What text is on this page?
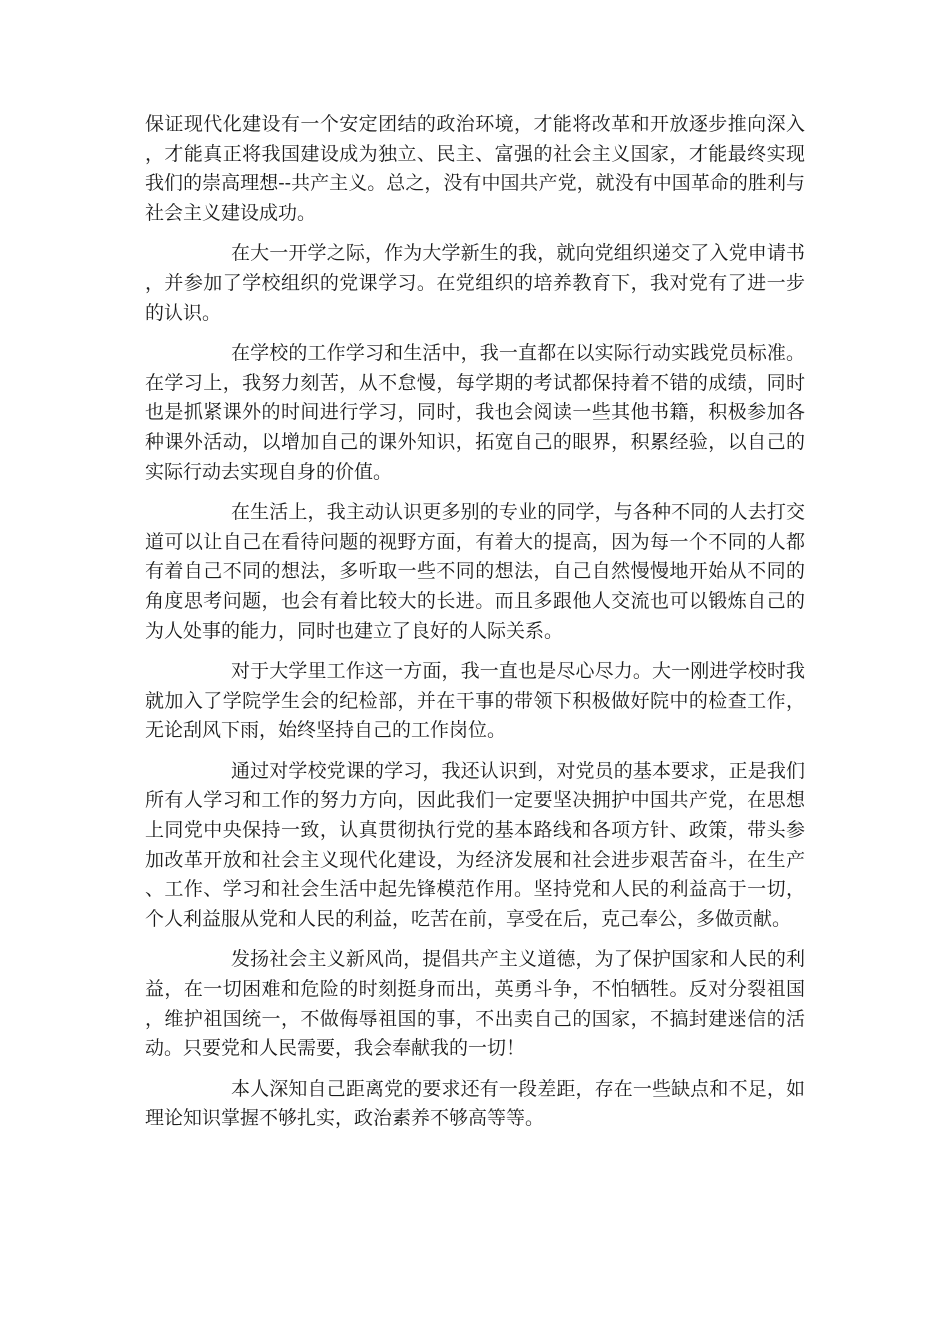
保证现代化建设有一个安定团结的政治环境，才能将改革和开放逐步推向深入，才能真正将我国建设成为独立、民主、富强的社会主义国家，才能最终实现我们的崇高理想--共产主义。总之，没有中国共产党，就没有中国革命的胜利与社会主义建设成功。

在大一开学之际，作为大学新生的我，就向党组织递交了入党申请书，并参加了学校组织的党课学习。在党组织的培养教育下，我对党有了进一步的认识。

在学校的工作学习和生活中，我一直都在以实际行动实践党员标准。在学习上，我努力刻苦，从不怠慢，每学期的考试都保持着不错的成绩，同时也是抓紧课外的时间进行学习，同时，我也会阅读一些其他书籍，积极参加各种课外活动，以增加自己的课外知识，拓宽自己的眼界，积累经验，以自己的实际行动去实现自身的价值。

在生活上，我主动认识更多别的专业的同学，与各种不同的人去打交道可以让自己在看待问题的视野方面，有着大的提高，因为每一个不同的人都有着自己不同的想法，多听取一些不同的想法，自己自然慢慢地开始从不同的角度思考问题，也会有着比较大的长进。而且多跟他人交流也可以锻炼自己的为人处事的能力，同时也建立了良好的人际关系。

对于大学里工作这一方面，我一直也是尽心尽力。大一刚进学校时我就加入了学院学生会的纪检部，并在干事的带领下积极做好院中的检查工作，无论刮风下雨，始终坚持自己的工作岗位。

通过对学校党课的学习，我还认识到，对党员的基本要求，正是我们所有人学习和工作的努力方向，因此我们一定要坚决拥护中国共产党，在思想上同党中央保持一致，认真贯彻执行党的基本路线和各项方针、政策，带头参加改革开放和社会主义现代化建设，为经济发展和社会进步艰苦奋斗，在生产、工作、学习和社会生活中起先锋模范作用。坚持党和人民的利益高于一切，个人利益服从党和人民的利益，吃苦在前，享受在后，克己奉公，多做贡献。

发扬社会主义新风尚，提倡共产主义道德，为了保护国家和人民的利益，在一切困难和危险的时刻挺身而出，英勇斗争，不怕牺牲。反对分裂祖国，维护祖国统一，不做侮辱祖国的事，不出卖自己的国家，不搞封建迷信的活动。只要党和人民需要，我会奉献我的一切！

本人深知自己距离党的要求还有一段差距，存在一些缺点和不足，如理论知识掌握不够扎实，政治素养不够高等等。
